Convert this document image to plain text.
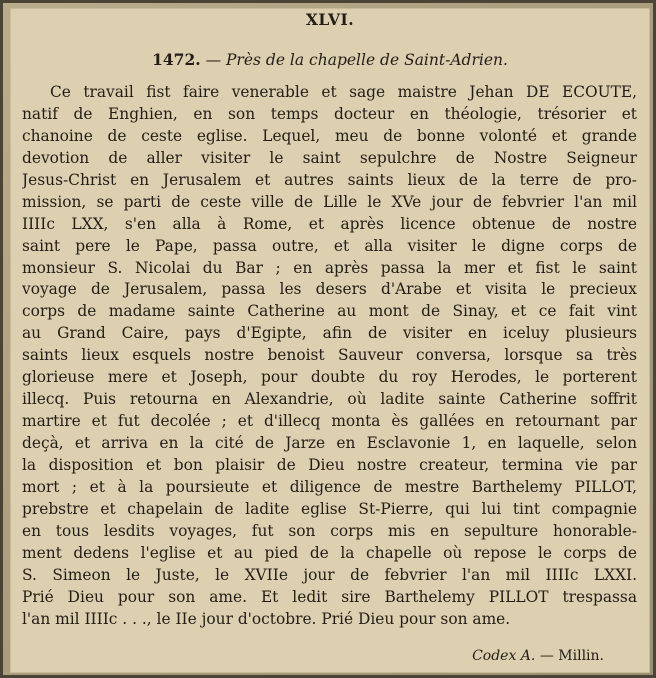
XLVI.
1472. — Près de la chapelle de Saint-Adrien.
Ce travail fist faire venerable et sage maistre Jehan DE ECOUTE,
natif de Enghien, en son temps docteur en théologie, trésorier et
chanoine de ceste eglise. Lequel, meu de bonne volonté et grande
devotion de aller visiter le saint sepulchre de Nostre Seigneur
Jesus-Christ en Jerusalem et autres saints lieux de la terre de pro-
mission, se parti de ceste ville de Lille le XVe jour de febvrier l'an mil
IIIIc LXX, s'en alla à Rome, et après licence obtenue de nostre
saint pere le Pape, passa outre, et alla visiter le digne corps de
monsieur S. Nicolai du Bar ; en après passa la mer et fist le saint
voyage de Jerusalem, passa les desers d'Arabe et visita le precieux
corps de madame sainte Catherine au mont de Sinay, et ce fait vint
au Grand Caire, pays d'Egipte, afin de visiter en iceluy plusieurs
saints lieux esquels nostre benoist Sauveur conversa, lorsque sa très
glorieuse mere et Joseph, pour doubte du roy Herodes, le porterent
illecq. Puis retourna en Alexandrie, où ladite sainte Catherine soffrit
martire et fut decolée ; et d'illecq monta ès gallées en retournant par
deçà, et arriva en la cité de Jarze en Esclavonie 1, en laquelle, selon
la disposition et bon plaisir de Dieu nostre createur, termina vie par
mort ; et à la poursieute et diligence de mestre Barthelemy PILLOT,
prebstre et chapelain de ladite eglise St-Pierre, qui lui tint compagnie
en tous lesdits voyages, fut son corps mis en sepulture honorable-
ment dedens l'eglise et au pied de la chapelle où repose le corps de
S. Simeon le Juste, le XVIIe jour de febvrier l'an mil IIIIc LXXI.
Prié Dieu pour son ame. Et ledit sire Barthelemy PILLOT trespassa
l'an mil IIIIc . . ., le IIe jour d'octobre. Prié Dieu pour son ame.
Codex A. — Millin.
